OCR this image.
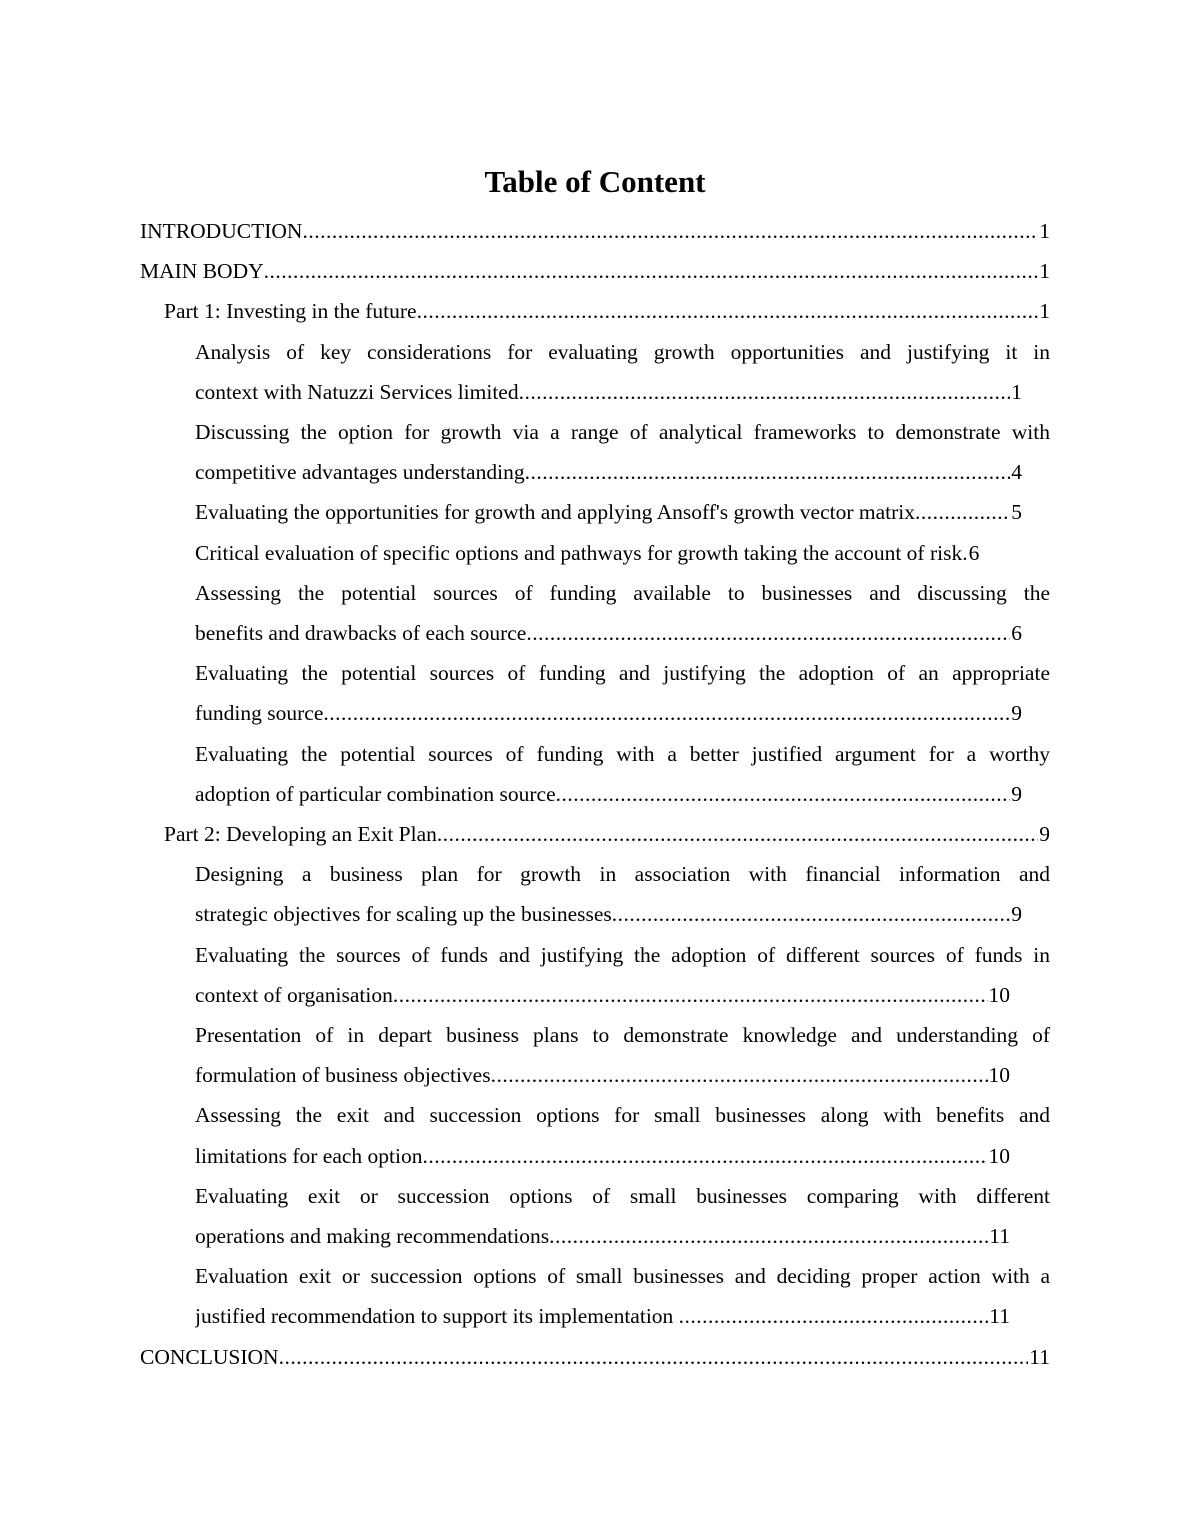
Table of Content
INTRODUCTION .....	1
MAIN BODY .....	1
Part 1: Investing in the future .....	1
Analysis of key considerations for evaluating growth opportunities and justifying it in
context with Natuzzi Services limited .....	1
Discussing the option for growth via a range of analytical frameworks to demonstrate with
competitive advantages understanding .....	4
Evaluating the opportunities for growth and applying Ansoff's growth vector matrix .....	5
Critical evaluation of specific options and pathways for growth taking the account of risk. 6
Assessing the potential sources of funding available to businesses and discussing the
benefits and drawbacks of each source .....	6
Evaluating the potential sources of funding and justifying the adoption of an appropriate
funding source .....	9
Evaluating the potential sources of funding with a better justified argument for a worthy
adoption of particular combination source .....	9
Part 2: Developing an Exit Plan .....	9
Designing a business plan for growth in association with financial information and
strategic objectives for scaling up the businesses .....	9
Evaluating the sources of funds and justifying the adoption of different sources of funds in
context of organisation .....	10
Presentation of in depart business plans to demonstrate knowledge and understanding of
formulation of business objectives .....	10
Assessing the exit and succession options for small businesses along with benefits and
limitations for each option .....	10
Evaluating exit or succession options of small businesses comparing with different
operations and making recommendations .....	11
Evaluation exit or succession options of small businesses and deciding proper action with a
justified recommendation to support its implementation .....	11
CONCLUSION .....	11
